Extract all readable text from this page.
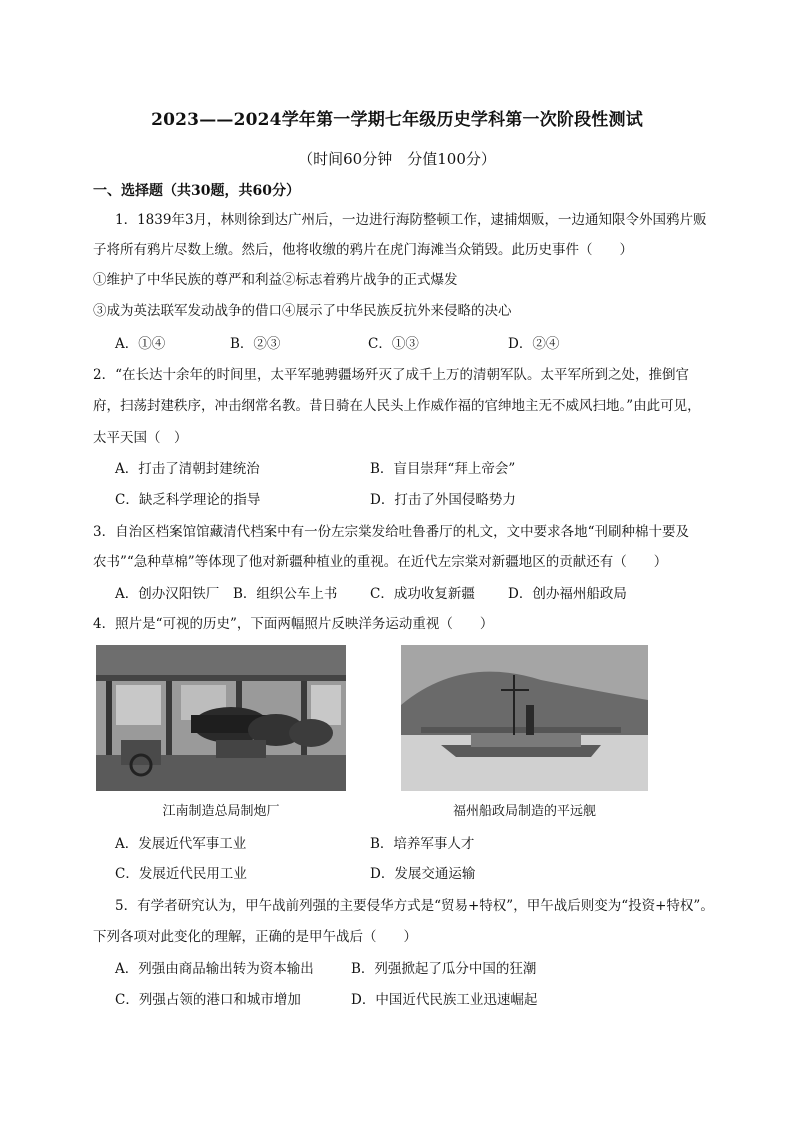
2023——2024学年第一学期七年级历史学科第一次阶段性测试
（时间60分钟　分值100分）
一、选择题（共30题，共60分）
1．1839年3月，林则徐到达广州后，一边进行海防整顿工作，逮捕烟贩，一边通知限令外国鸦片贩
子将所有鸦片尽数上缴。然后，他将收缴的鸦片在虎门海滩当众销毁。此历史事件（　　）
①维护了中华民族的尊严和利益②标志着鸦片战争的正式爆发
③成为英法联军发动战争的借口④展示了中华民族反抗外来侵略的决心
A．①④	B．②③	C．①③	D．②④
2．“在长达十余年的时间里，太平军驰骋疆场歼灭了成千上万的清朝军队。太平军所到之处，推倒官
府，扫荡封建秩序，冲击纲常名教。昔日骑在人民头上作威作福的官绅地主无不威风扫地。”由此可见，
太平天国（　）
A．打击了清朝封建统治	B．盲目崇拜“拜上帝会”
C．缺乏科学理论的指导	D．打击了外国侵略势力
3．自治区档案馆馆藏清代档案中有一份左宗棠发给吐鲁番厅的札文，文中要求各地“刊刷种棉十要及
农书”“急种草棉”等体现了他对新疆种植业的重视。在近代左宗棠对新疆地区的贡献还有（　　）
A．创办汉阳铁厂 B．组织公车上书 C．成功收复新疆 D．创办福州船政局
4．照片是“可视的历史”，下面两幅照片反映洋务运动重视（　　）
江南制造总局制炮厂	福州船政局制造的平远舰
A．发展近代军事工业	B．培养军事人才
C．发展近代民用工业	D．发展交通运输
5．有学者研究认为，甲午战前列强的主要侵华方式是“贸易+特权”，甲午战后则变为“投资+特权”。
下列各项对此变化的理解，正确的是甲午战后（　　）
A．列强由商品输出转为资本输出	B．列强掀起了瓜分中国的狂潮
C．列强占领的港口和城市增加	D．中国近代民族工业迅速崛起
